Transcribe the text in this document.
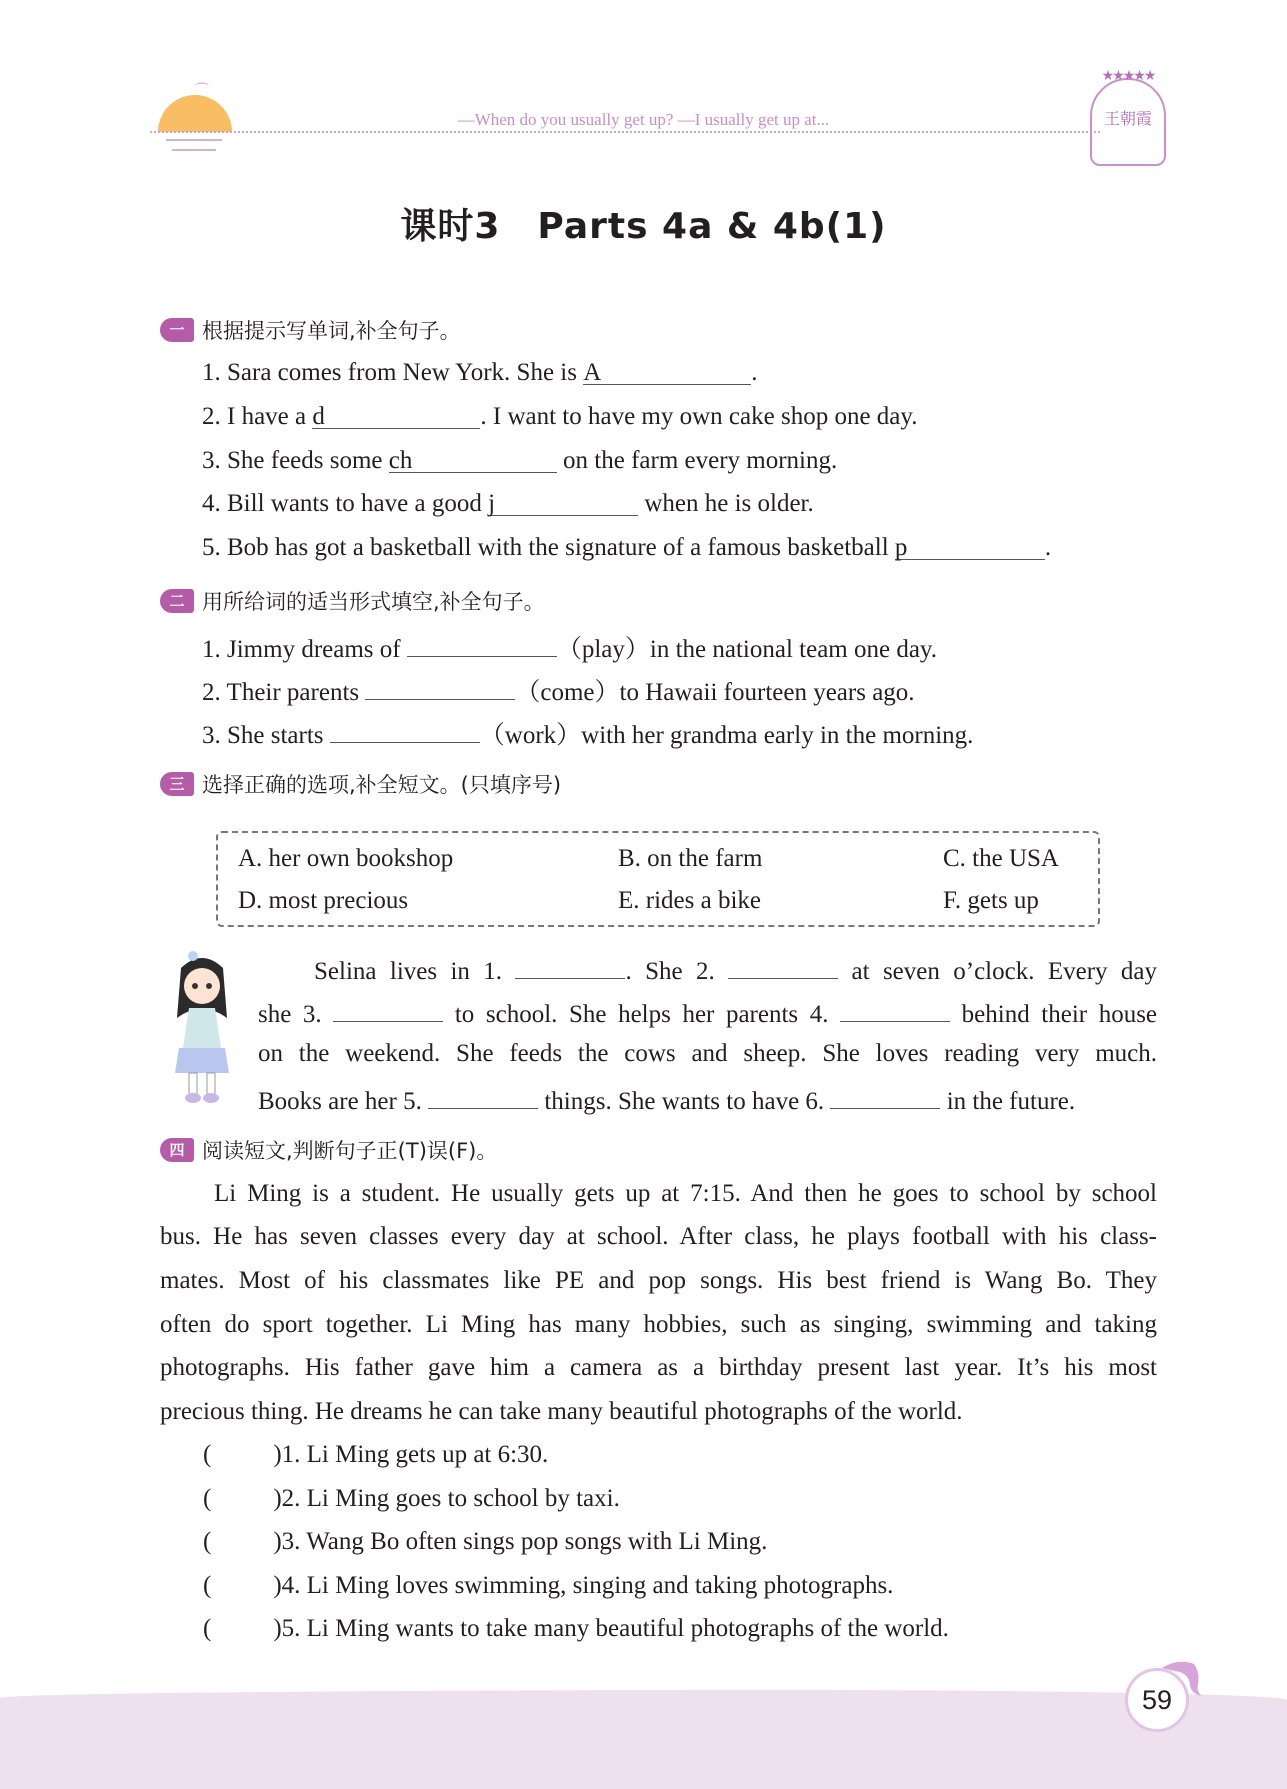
⌒
—When do you usually get up? —I usually get up at...
★★★★★
王朝霞
课时3　Parts 4a & 4b(1)
一 根据提示写单词,补全句子。
1. Sara comes from New York. She is A	.
2. I have a d	. I want to have my own cake shop one day.
3. She feeds some ch	on the farm every morning.
4. Bill wants to have a good j	when he is older.
5. Bob has got a basketball with the signature of a famous basketball p	.
二 用所给词的适当形式填空,补全句子。
1. Jimmy dreams of	（play）in the national team one day.
2. Their parents	（come）to Hawaii fourteen years ago.
3. She starts	（work）with her grandma early in the morning.
三 选择正确的选项,补全短文。(只填序号)
A. her own bookshop	B. on the farm	C. the USA
D. most precious	E. rides a bike	F. gets up
Selina lives in 1.	. She 2.	at seven o’clock. Every day
she 3.	to school. She helps her parents 4.	behind their house
on the weekend. She feeds the cows and sheep. She loves reading very much.
Books are her 5.	things. She wants to have 6.	in the future.
四 阅读短文,判断句子正(T)误(F)。
Li Ming is a student. He usually gets up at 7:15. And then he goes to school by school
bus. He has seven classes every day at school. After class, he plays football with his class-
mates. Most of his classmates like PE and pop songs. His best friend is Wang Bo. They
often do sport together. Li Ming has many hobbies, such as singing, swimming and taking
photographs. His father gave him a camera as a birthday present last year. It’s his most
precious thing. He dreams he can take many beautiful photographs of the world.
( )1. Li Ming gets up at 6:30.
( )2. Li Ming goes to school by taxi.
( )3. Wang Bo often sings pop songs with Li Ming.
( )4. Li Ming loves swimming, singing and taking photographs.
( )5. Li Ming wants to take many beautiful photographs of the world.
59
